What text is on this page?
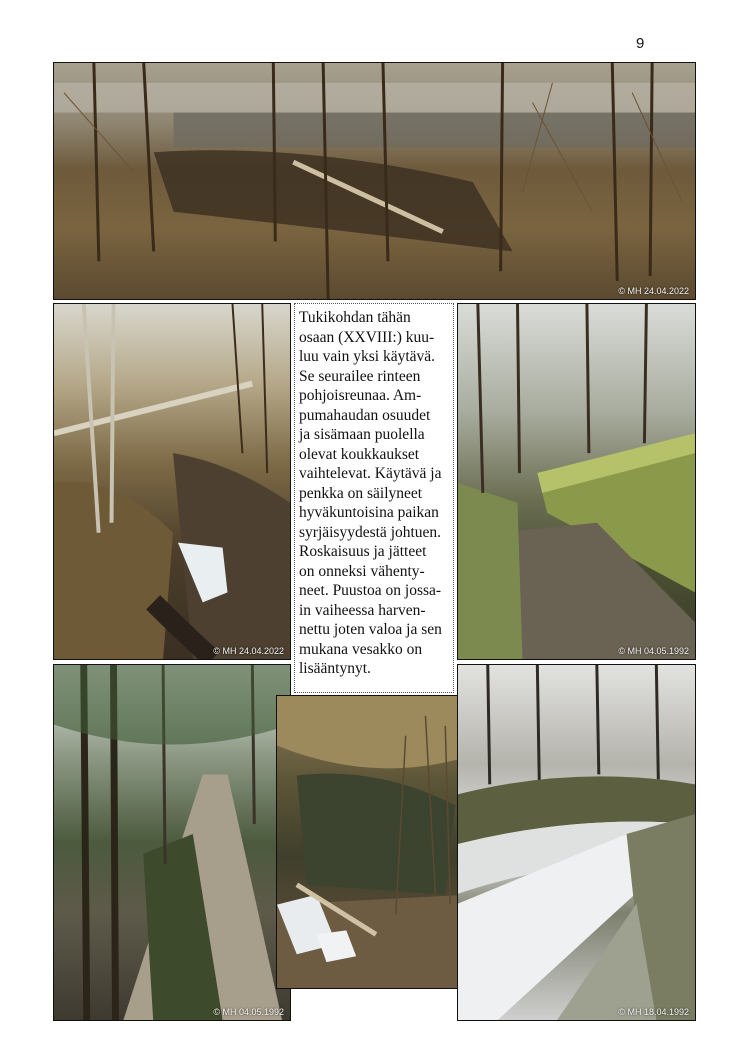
9
© MH 24.04.2022
© MH 24.04.2022

Tukikohdan tähän
osaan (XXVIII:) kuu-
luu vain yksi käytävä.
Se seurailee rinteen
pohjoisreunaa. Am-
pumahaudan osuudet
ja sisämaan puolella
olevat koukkaukset
vaihtelevat. Käytävä ja
penkka on säilyneet
hyväkuntoisina paikan
syrjäisyydestä johtuen.
Roskaisuus ja jätteet
on onneksi vähenty-
neet. Puustoa on jossa-
in vaiheessa harven-
nettu joten valoa ja sen
mukana vesakko on
lisääntynyt.

© MH 04.05.1992
© MH 04.05.1992	© MH 18.04.1992
